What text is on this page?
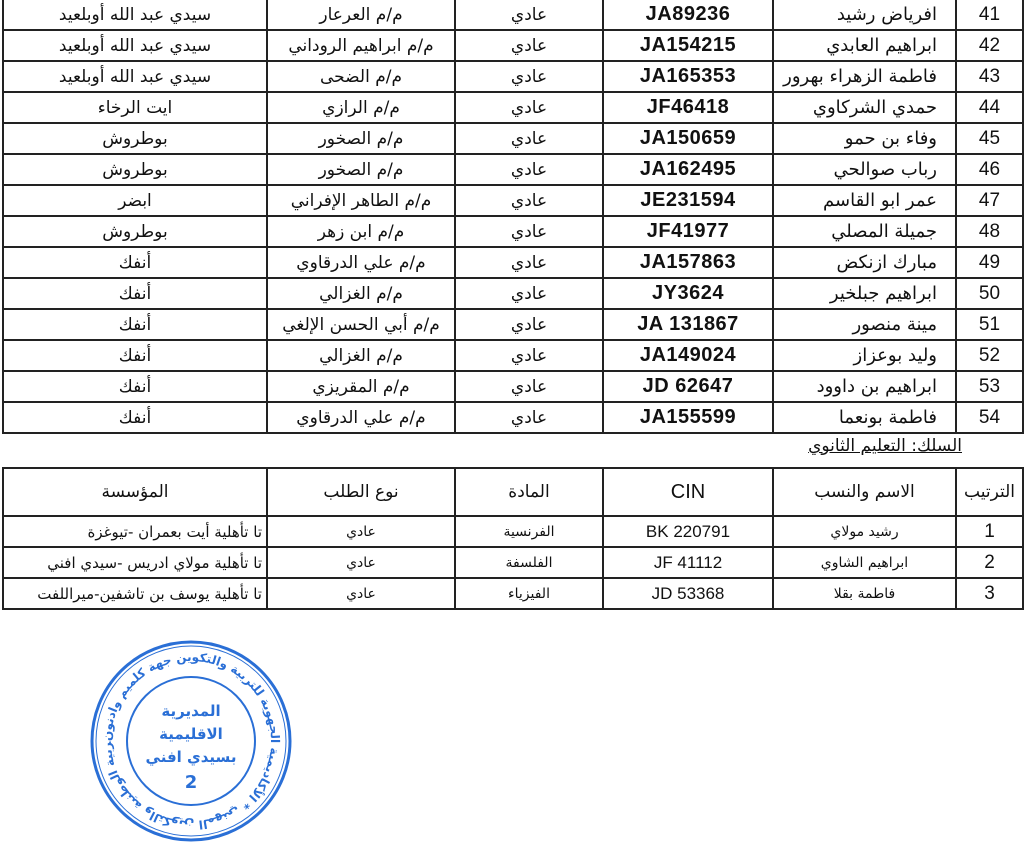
41	افرياض رشيد	JA89236	عادي	م/م العرعار	سيدي عبد الله أوبلعيد
42	ابراهيم العابدي	JA154215	عادي	م/م ابراهيم الروداني	سيدي عبد الله أوبلعيد
43	فاطمة الزهراء بهرور	JA165353	عادي	م/م الضحى	سيدي عبد الله أوبلعيد
44	حمدي الشركاوي	JF46418	عادي	م/م الرازي	ايت الرخاء
45	وفاء بن حمو	JA150659	عادي	م/م الصخور	بوطروش
46	رباب صوالحي	JA162495	عادي	م/م الصخور	بوطروش
47	عمر ابو القاسم	JE231594	عادي	م/م الطاهر الإفراني	ابضر
48	جميلة المصلي	JF41977	عادي	م/م ابن زهر	بوطروش
49	مبارك ازنكض	JA157863	عادي	م/م علي الدرقاوي	أنفك
50	ابراهيم جبلخير	JY3624	عادي	م/م الغزالي	أنفك
51	مينة منصور	JA 131867	عادي	م/م أبي الحسن الإلغي	أنفك
52	وليد بوعزاز	JA149024	عادي	م/م الغزالي	أنفك
53	ابراهيم بن داوود	JD 62647	عادي	م/م المقريزي	أنفك
54	فاطمة بونعما	JA155599	عادي	م/م علي الدرقاوي	أنفك
السلك: التعليم الثانوي
الترتيب	الاسم والنسب	CIN	المادة	نوع الطلب	المؤسسة
1	رشيد مولاي	BK 220791	الفرنسية	عادي	تا تأهلية أيت بعمران -تيوغزة
2	ابراهيم الشاوي	JF 41112	الفلسفة	عادي	تا تأهلية مولاي ادريس -سيدي افني
3	فاطمة بقلا	JD 53368	الفيزياء	عادي	تا تأهلية يوسف بن تاشفين-ميراللفت
ربية الوطنية والتكوين المهني * الأكاديمية الجهوية للتربية والتكوين جهة كلميم وادنون	المديرية
الاقليمية
بسيدي افني
2
